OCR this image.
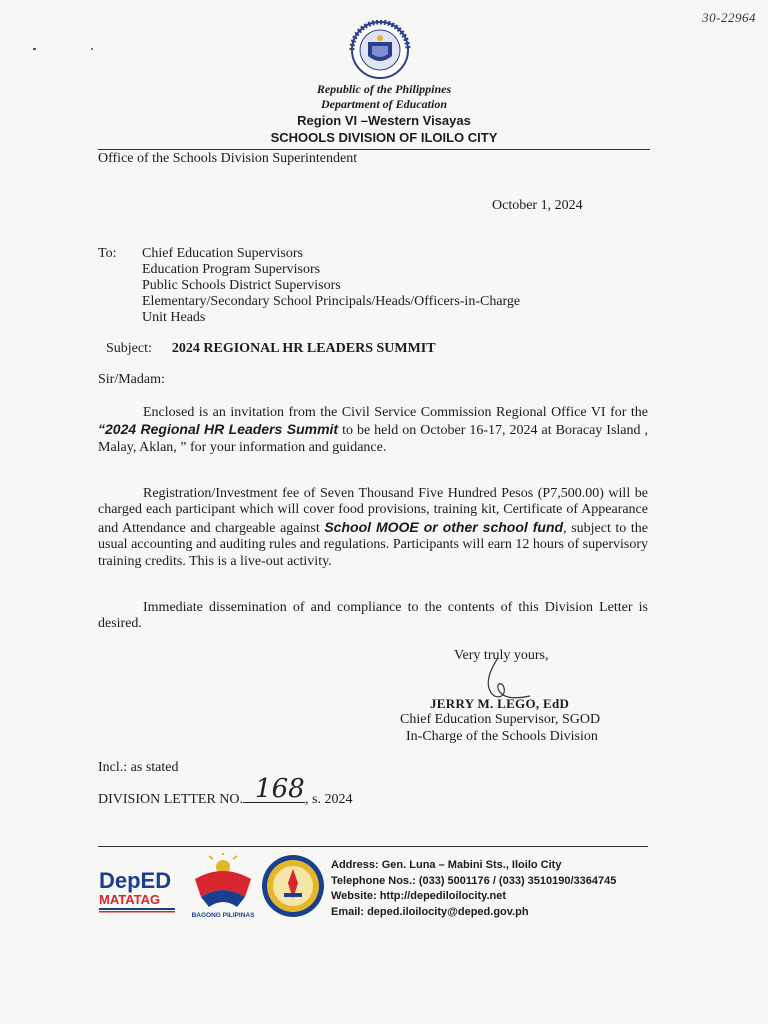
30-22964
Republic of the Philippines
Department of Education
Region VI –Western Visayas
SCHOOLS DIVISION OF ILOILO CITY
Office of the Schools Division Superintendent
October 1, 2024
To: Chief Education Supervisors
Education Program Supervisors
Public Schools District Supervisors
Elementary/Secondary School Principals/Heads/Officers-in-Charge
Unit Heads
Subject: 2024 REGIONAL HR LEADERS SUMMIT
Sir/Madam:
Enclosed is an invitation from the Civil Service Commission Regional Office VI for the “2024 Regional HR Leaders Summit to be held on October 16-17, 2024 at Boracay Island , Malay, Aklan, ” for your information and guidance.
Registration/Investment fee of Seven Thousand Five Hundred Pesos (P7,500.00) will be charged each participant which will cover food provisions, training kit, Certificate of Appearance and Attendance and chargeable against School MOOE or other school fund, subject to the usual accounting and auditing rules and regulations. Participants will earn 12 hours of supervisory training credits. This is a live-out activity.
Immediate dissemination of and compliance to the contents of this Division Letter is desired.
Very truly yours,
JERRY M. LEGO, EdD
Chief Education Supervisor, SGOD
In-Charge of the Schools Division
Incl.: as stated
DIVISION LETTER NO. 168 , s. 2024
DepED
MATATAG
BAGONG PILIPINAS
Address: Gen. Luna – Mabini Sts., Iloilo City
Telephone Nos.: (033) 5001176 / (033) 3510190/3364745
Website: http://depediloilocity.net
Email: deped.iloilocity@deped.gov.ph
